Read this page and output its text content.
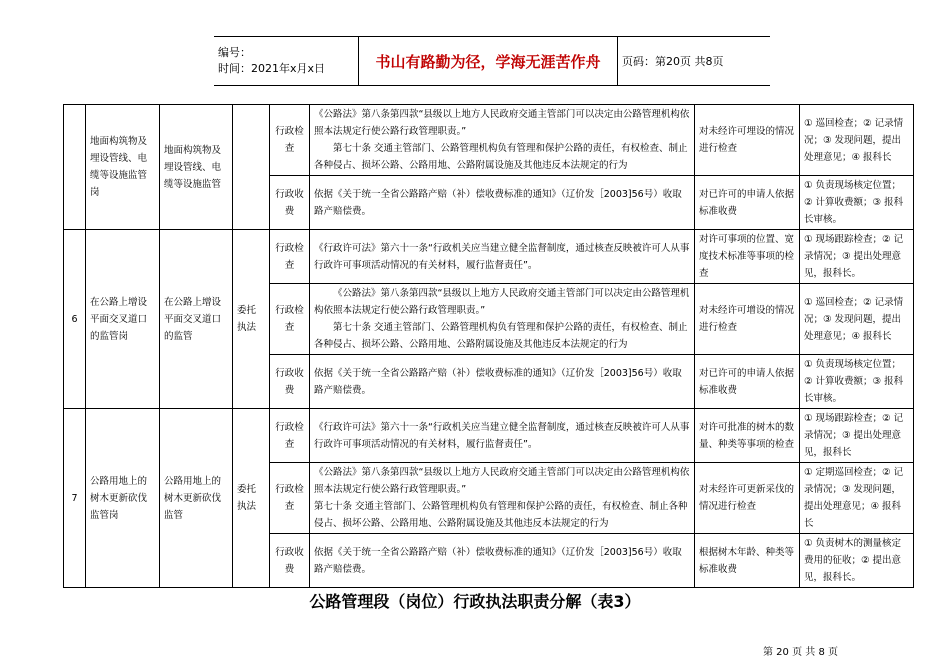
编号：
时间：2021年x月x日	书山有路勤为径，学海无涯苦作舟	页码：第20页 共8页
	地面构筑物及埋设管线、电缆等设施监管岗	地面构筑物及埋设管线、电缆等设施监管		行政检查	《公路法》第八条第四款“县级以上地方人民政府交通主管部门可以决定由公路管理机构依照本法规定行使公路行政管理职责。”

第七十条 交通主管部门、公路管理机构负有管理和保护公路的责任，有权检查、制止各种侵占、损坏公路、公路用地、公路附属设施及其他违反本法规定的行为	对未经许可埋设的情况进行检查	① 巡回检查；② 记录情况；③ 发现问题，提出处理意见；④ 报科长
				行政收费	依据《关于统一全省公路路产赔（补）偿收费标准的通知》（辽价发［2003]56号）收取路产赔偿费。	对已许可的申请人依据标准收费	① 负责现场核定位置；② 计算收费额；③ 报科长审核。
6	在公路上增设平面交叉道口的监管岗	在公路上增设平面交叉道口的监管	委托执法	行政检查	《行政许可法》第六十一条“行政机关应当建立健全监督制度，通过核查反映被许可人从事行政许可事项活动情况的有关材料，履行监督责任”。	对许可事项的位置、宽度技术标准等事项的检查	① 现场跟踪检查；② 记录情况；③ 提出处理意见，报科长。
				行政检查	《公路法》第八条第四款“县级以上地方人民政府交通主管部门可以决定由公路管理机构依照本法规定行使公路行政管理职责。”

第七十条 交通主管部门、公路管理机构负有管理和保护公路的责任，有权检查、制止各种侵占、损坏公路、公路用地、公路附属设施及其他违反本法规定的行为	对未经许可增设的情况进行检查	① 巡回检查；② 记录情况；③ 发现问题，提出处理意见；④ 报科长
				行政收费	依据《关于统一全省公路路产赔（补）偿收费标准的通知》（辽价发［2003]56号）收取路产赔偿费。	对已许可的申请人依据标准收费	① 负责现场核定位置；② 计算收费额；③ 报科长审核。
7	公路用地上的树木更新砍伐监管岗	公路用地上的树木更新砍伐监管	委托执法	行政检查	《行政许可法》第六十一条“行政机关应当建立健全监督制度，通过核查反映被许可人从事行政许可事项活动情况的有关材料，履行监督责任”。	对许可批准的树木的数量、种类等事项的检查	① 现场跟踪检查；② 记录情况；③ 提出处理意见，报科长
				行政检查	《公路法》第八条第四款“县级以上地方人民政府交通主管部门可以决定由公路管理机构依照本法规定行使公路行政管理职责。”

第七十条 交通主管部门、公路管理机构负有管理和保护公路的责任，有权检查、制止各种侵占、损坏公路、公路用地、公路附属设施及其他违反本法规定的行为	对未经许可更新采伐的情况进行检查	① 定期巡回检查；② 记录情况；③ 发现问题，提出处理意见；④ 报科长
				行政收费	依据《关于统一全省公路路产赔（补）偿收费标准的通知》（辽价发［2003]56号）收取路产赔偿费。	根据树木年龄、种类等标准收费	① 负责树木的测量核定费用的征收；② 提出意见，报科长。
公路管理段（岗位）行政执法职责分解（表3）
第 20 页 共 8 页
